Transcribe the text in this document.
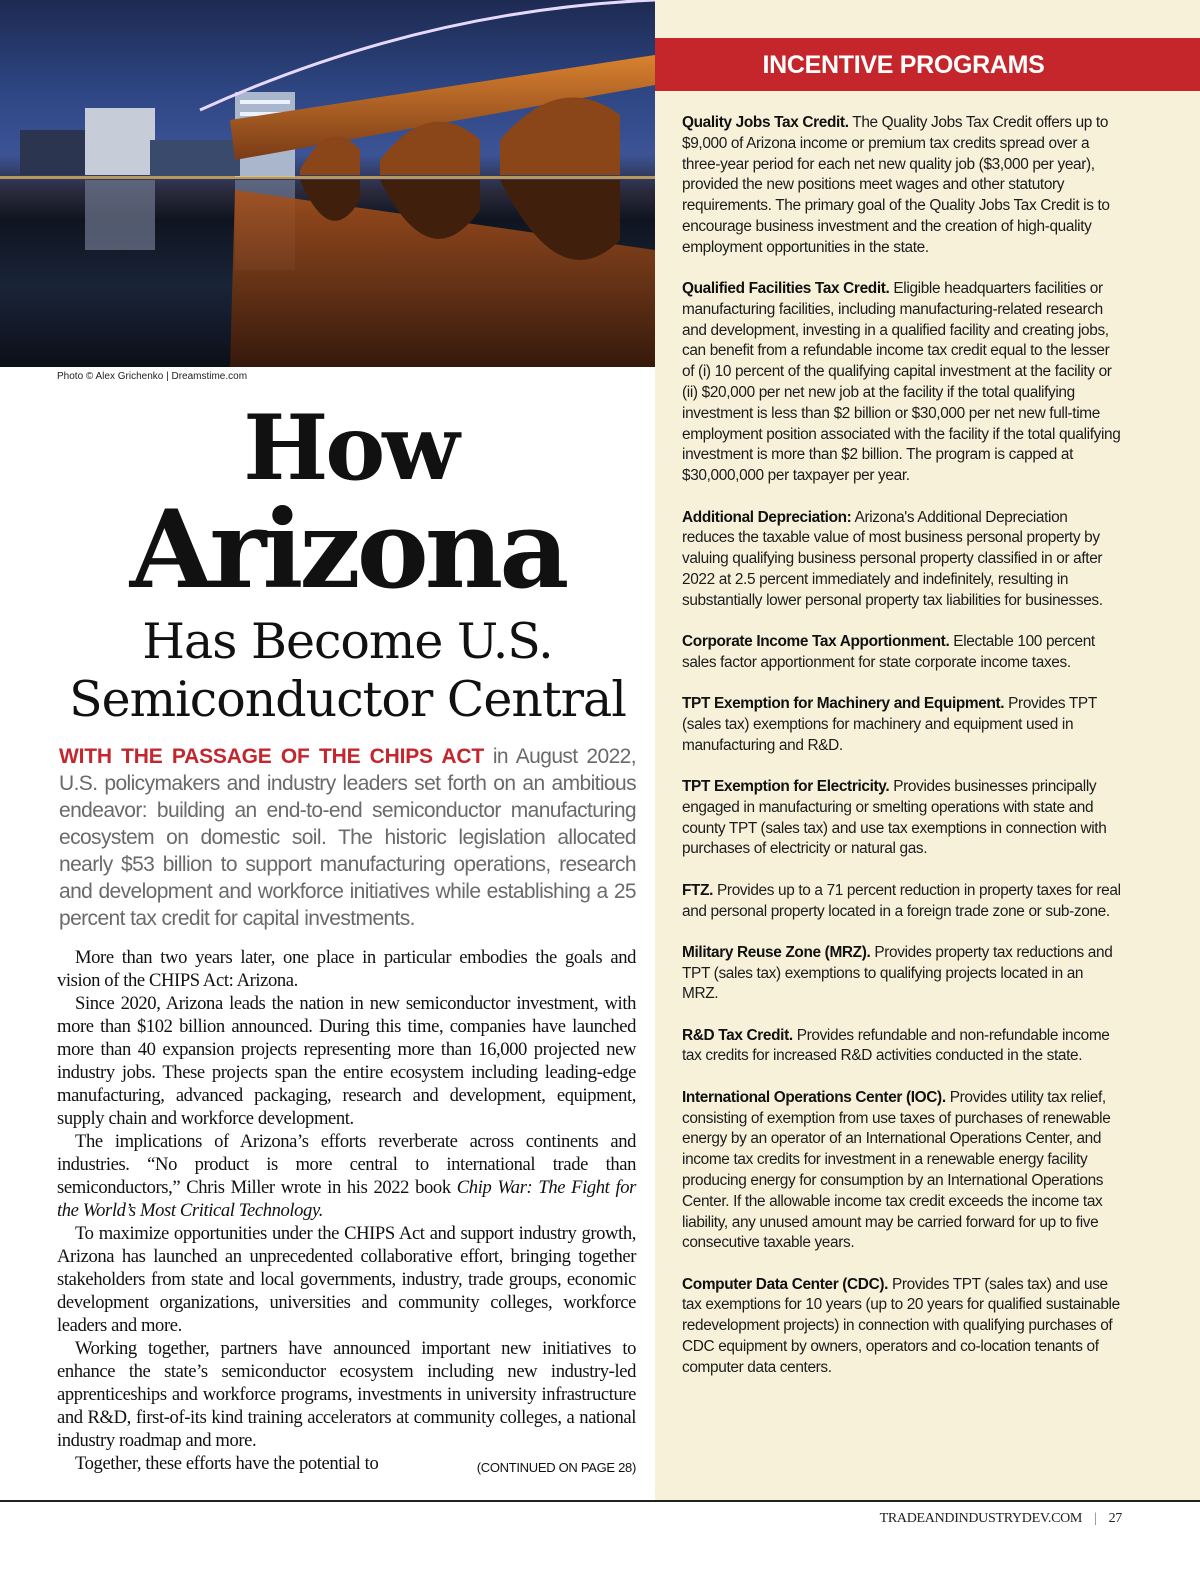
Photo © Alex Grichenko | Dreamstime.com
How
Arizona
Has Become U.S.
Semiconductor Central
WITH THE PASSAGE OF THE CHIPS ACT in August 2022, U.S. policymakers and industry leaders set forth on an ambitious endeavor: building an end-to-end semiconductor manufacturing ecosystem on domestic soil. The historic legislation allocated nearly $53 billion to support manufacturing operations, research and development and workforce initiatives while establishing a 25 percent tax credit for capital investments.

More than two years later, one place in particular embodies the goals and vision of the CHIPS Act: Arizona.

Since 2020, Arizona leads the nation in new semiconductor investment, with more than $102 billion announced. During this time, companies have launched more than 40 expansion projects representing more than 16,000 projected new industry jobs. These projects span the entire ecosystem including leading-edge manufacturing, advanced packaging, research and development, equipment, supply chain and workforce development.

The implications of Arizona’s efforts reverberate across continents and industries. “No product is more central to international trade than semiconductors,” Chris Miller wrote in his 2022 book Chip War: The Fight for the World’s Most Critical Technology.

To maximize opportunities under the CHIPS Act and support industry growth, Arizona has launched an unprecedented collaborative effort, bringing together stakeholders from state and local governments, industry, trade groups, economic development organizations, universities and community colleges, workforce leaders and more.

Working together, partners have announced important new initiatives to enhance the state’s semiconductor ecosystem including new industry-led apprenticeships and workforce programs, investments in university infrastructure and R&D, first-of-its kind training accelerators at community colleges, a national industry roadmap and more.

(CONTINUED ON PAGE 28)
Together, these efforts have the potential to

INCENTIVE PROGRAMS

Quality Jobs Tax Credit. The Quality Jobs Tax Credit offers up to $9,000 of Arizona income or premium tax credits spread over a three-year period for each net new quality job ($3,000 per year), provided the new positions meet wages and other statutory requirements. The primary goal of the Quality Jobs Tax Credit is to encourage business investment and the creation of high-quality employment opportunities in the state.

Qualified Facilities Tax Credit. Eligible headquarters facilities or manufacturing facilities, including manufacturing-related research and development, investing in a qualified facility and creating jobs, can benefit from a refundable income tax credit equal to the lesser of (i) 10 percent of the qualifying capital investment at the facility or (ii) $20,000 per net new job at the facility if the total qualifying investment is less than $2 billion or $30,000 per net new full-time employment position associated with the facility if the total qualifying investment is more than $2 billion. The program is capped at $30,000,000 per taxpayer per year.

Additional Depreciation: Arizona's Additional Depreciation reduces the taxable value of most business personal property by valuing qualifying business personal property classified in or after 2022 at 2.5 percent immediately and indefinitely, resulting in substantially lower personal property tax liabilities for businesses.

Corporate Income Tax Apportionment. Electable 100 percent sales factor apportionment for state corporate income taxes.

TPT Exemption for Machinery and Equipment. Provides TPT (sales tax) exemptions for machinery and equipment used in manufacturing and R&D.

TPT Exemption for Electricity. Provides businesses principally engaged in manufacturing or smelting operations with state and county TPT (sales tax) and use tax exemptions in connection with purchases of electricity or natural gas.

FTZ. Provides up to a 71 percent reduction in property taxes for real and personal property located in a foreign trade zone or sub-zone.

Military Reuse Zone (MRZ). Provides property tax reductions and TPT (sales tax) exemptions to qualifying projects located in an MRZ.

R&D Tax Credit. Provides refundable and non-refundable income tax credits for increased R&D activities conducted in the state.

International Operations Center (IOC). Provides utility tax relief, consisting of exemption from use taxes of purchases of renewable energy by an operator of an International Operations Center, and income tax credits for investment in a renewable energy facility producing energy for consumption by an International Operations Center. If the allowable income tax credit exceeds the income tax liability, any unused amount may be carried forward for up to five consecutive taxable years.

Computer Data Center (CDC). Provides TPT (sales tax) and use tax exemptions for 10 years (up to 20 years for qualified sustainable redevelopment projects) in connection with qualifying purchases of CDC equipment by owners, operators and co-location tenants of computer data centers.

TRADEANDINDUSTRYDEV.COM | 27
